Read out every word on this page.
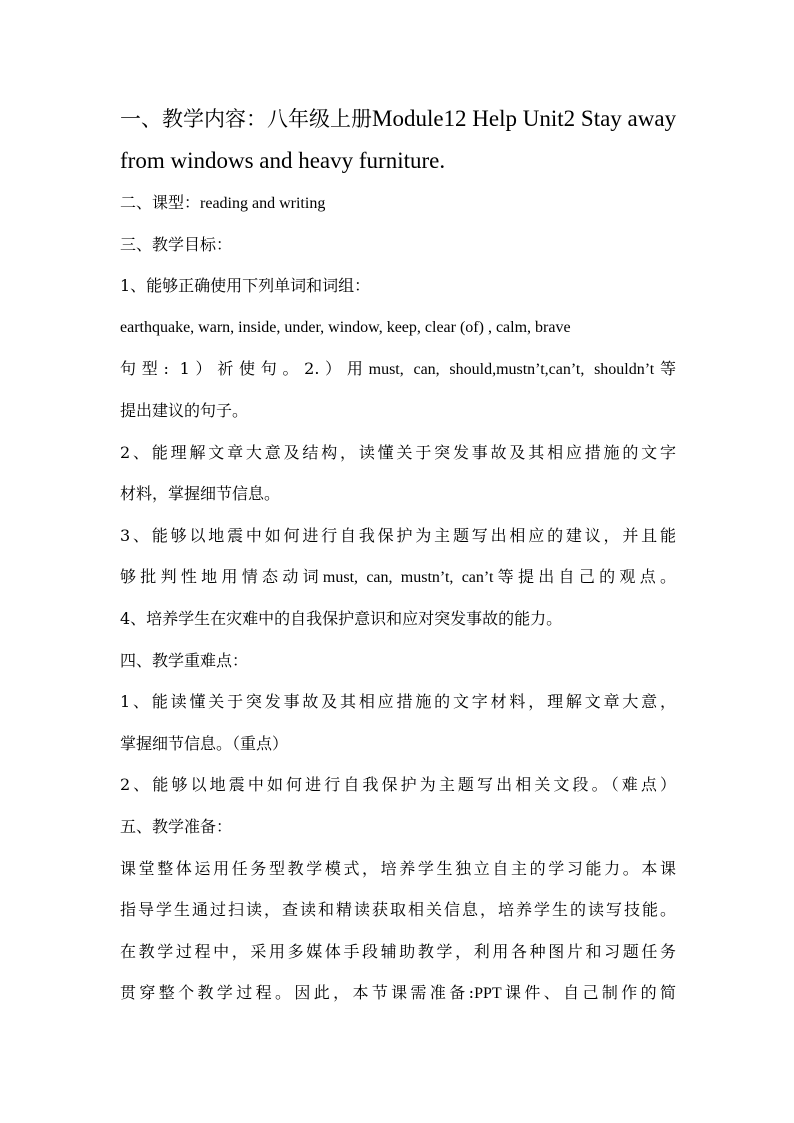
一、教学内容：八年级上册Module12 Help Unit2 Stay away
from windows and heavy furniture.
二、课型：reading and writing
三、教学目标：
1、能够正确使用下列单词和词组：
earthquake, warn, inside, under, window, keep, clear (of) , calm, brave
句型: 1）祈使句。2.）用must, can, should,mustn’t,can’t, shouldn’t等
提出建议的句子。
2、能理解文章大意及结构，读懂关于突发事故及其相应措施的文字
材料，掌握细节信息。
3、能够以地震中如何进行自我保护为主题写出相应的建议，并且能
够批判性地用情态动词must, can, mustn’t, can’t等提出自己的观点。
4、培养学生在灾难中的自我保护意识和应对突发事故的能力。
四、教学重难点：
1、能读懂关于突发事故及其相应措施的文字材料，理解文章大意，
掌握细节信息。（重点）
2、能够以地震中如何进行自我保护为主题写出相关文段。（难点）
五、教学准备：
课堂整体运用任务型教学模式，培养学生独立自主的学习能力。本课
指导学生通过扫读，查读和精读获取相关信息，培养学生的读写技能。
在教学过程中，采用多媒体手段辅助教学，利用各种图片和习题任务
贯穿整个教学过程。因此，本节课需准备:PPT课件、自己制作的简
